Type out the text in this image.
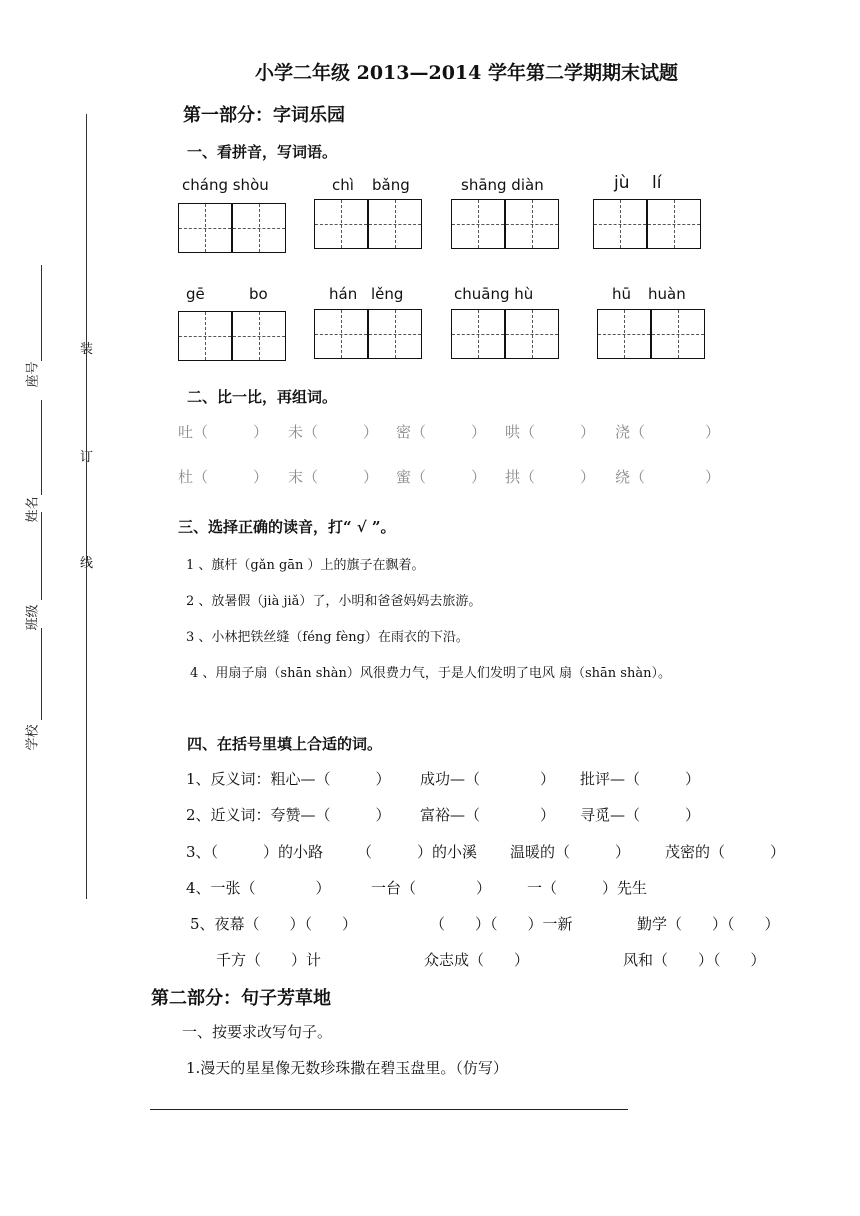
小学二年级 2013—2014 学年第二学期期末试题
装
订
线
座号
姓名
班级
学校
第一部分：字词乐园
一、看拼音，写词语。
cháng shòu	chì bǎng	shāng diàn	jù lí
gē	bo	hán lěng	chuāng hù	hū huàn
二、比一比，再组词。
吐（　　　） 未（　　　） 密（　　　） 哄（　　　） 浇（　　　　）
杜（　　　） 末（　　　） 蜜（　　　） 拱（　　　） 绕（　　　　）
三、选择正确的读音，打“ √ ”。
1 、旗杆（gǎn gān ）上的旗子在飘着。
2 、放暑假（jià jiǎ）了，小明和爸爸妈妈去旅游。
3 、小林把铁丝缝（féng fèng）在雨衣的下沿。
4 、用扇子扇（shān shàn）风很费力气，于是人们发明了电风 扇（shān shàn）。
四、在括号里填上合适的词。
1、反义词：粗心—（　　　） 成功—（　　　　） 批评—（　　　）
2、近义词：夸赞—（　　　） 富裕—（　　　　） 寻觅—（　　　）
3、（　　　）的小路 （　　　）的小溪 温暖的（　　　） 茂密的（　　　）
4、一张（　　　　）	一台（　　　　） 一（　　　）先生
5、夜幕（　　）（　　）	（　　）（　　）一新	勤学（　　）（　　）
千方（　　）计	众志成（　　）	风和（　　）（　　）
第二部分：句子芳草地
一、按要求改写句子。
1.漫天的星星像无数珍珠撒在碧玉盘里。（仿写）
